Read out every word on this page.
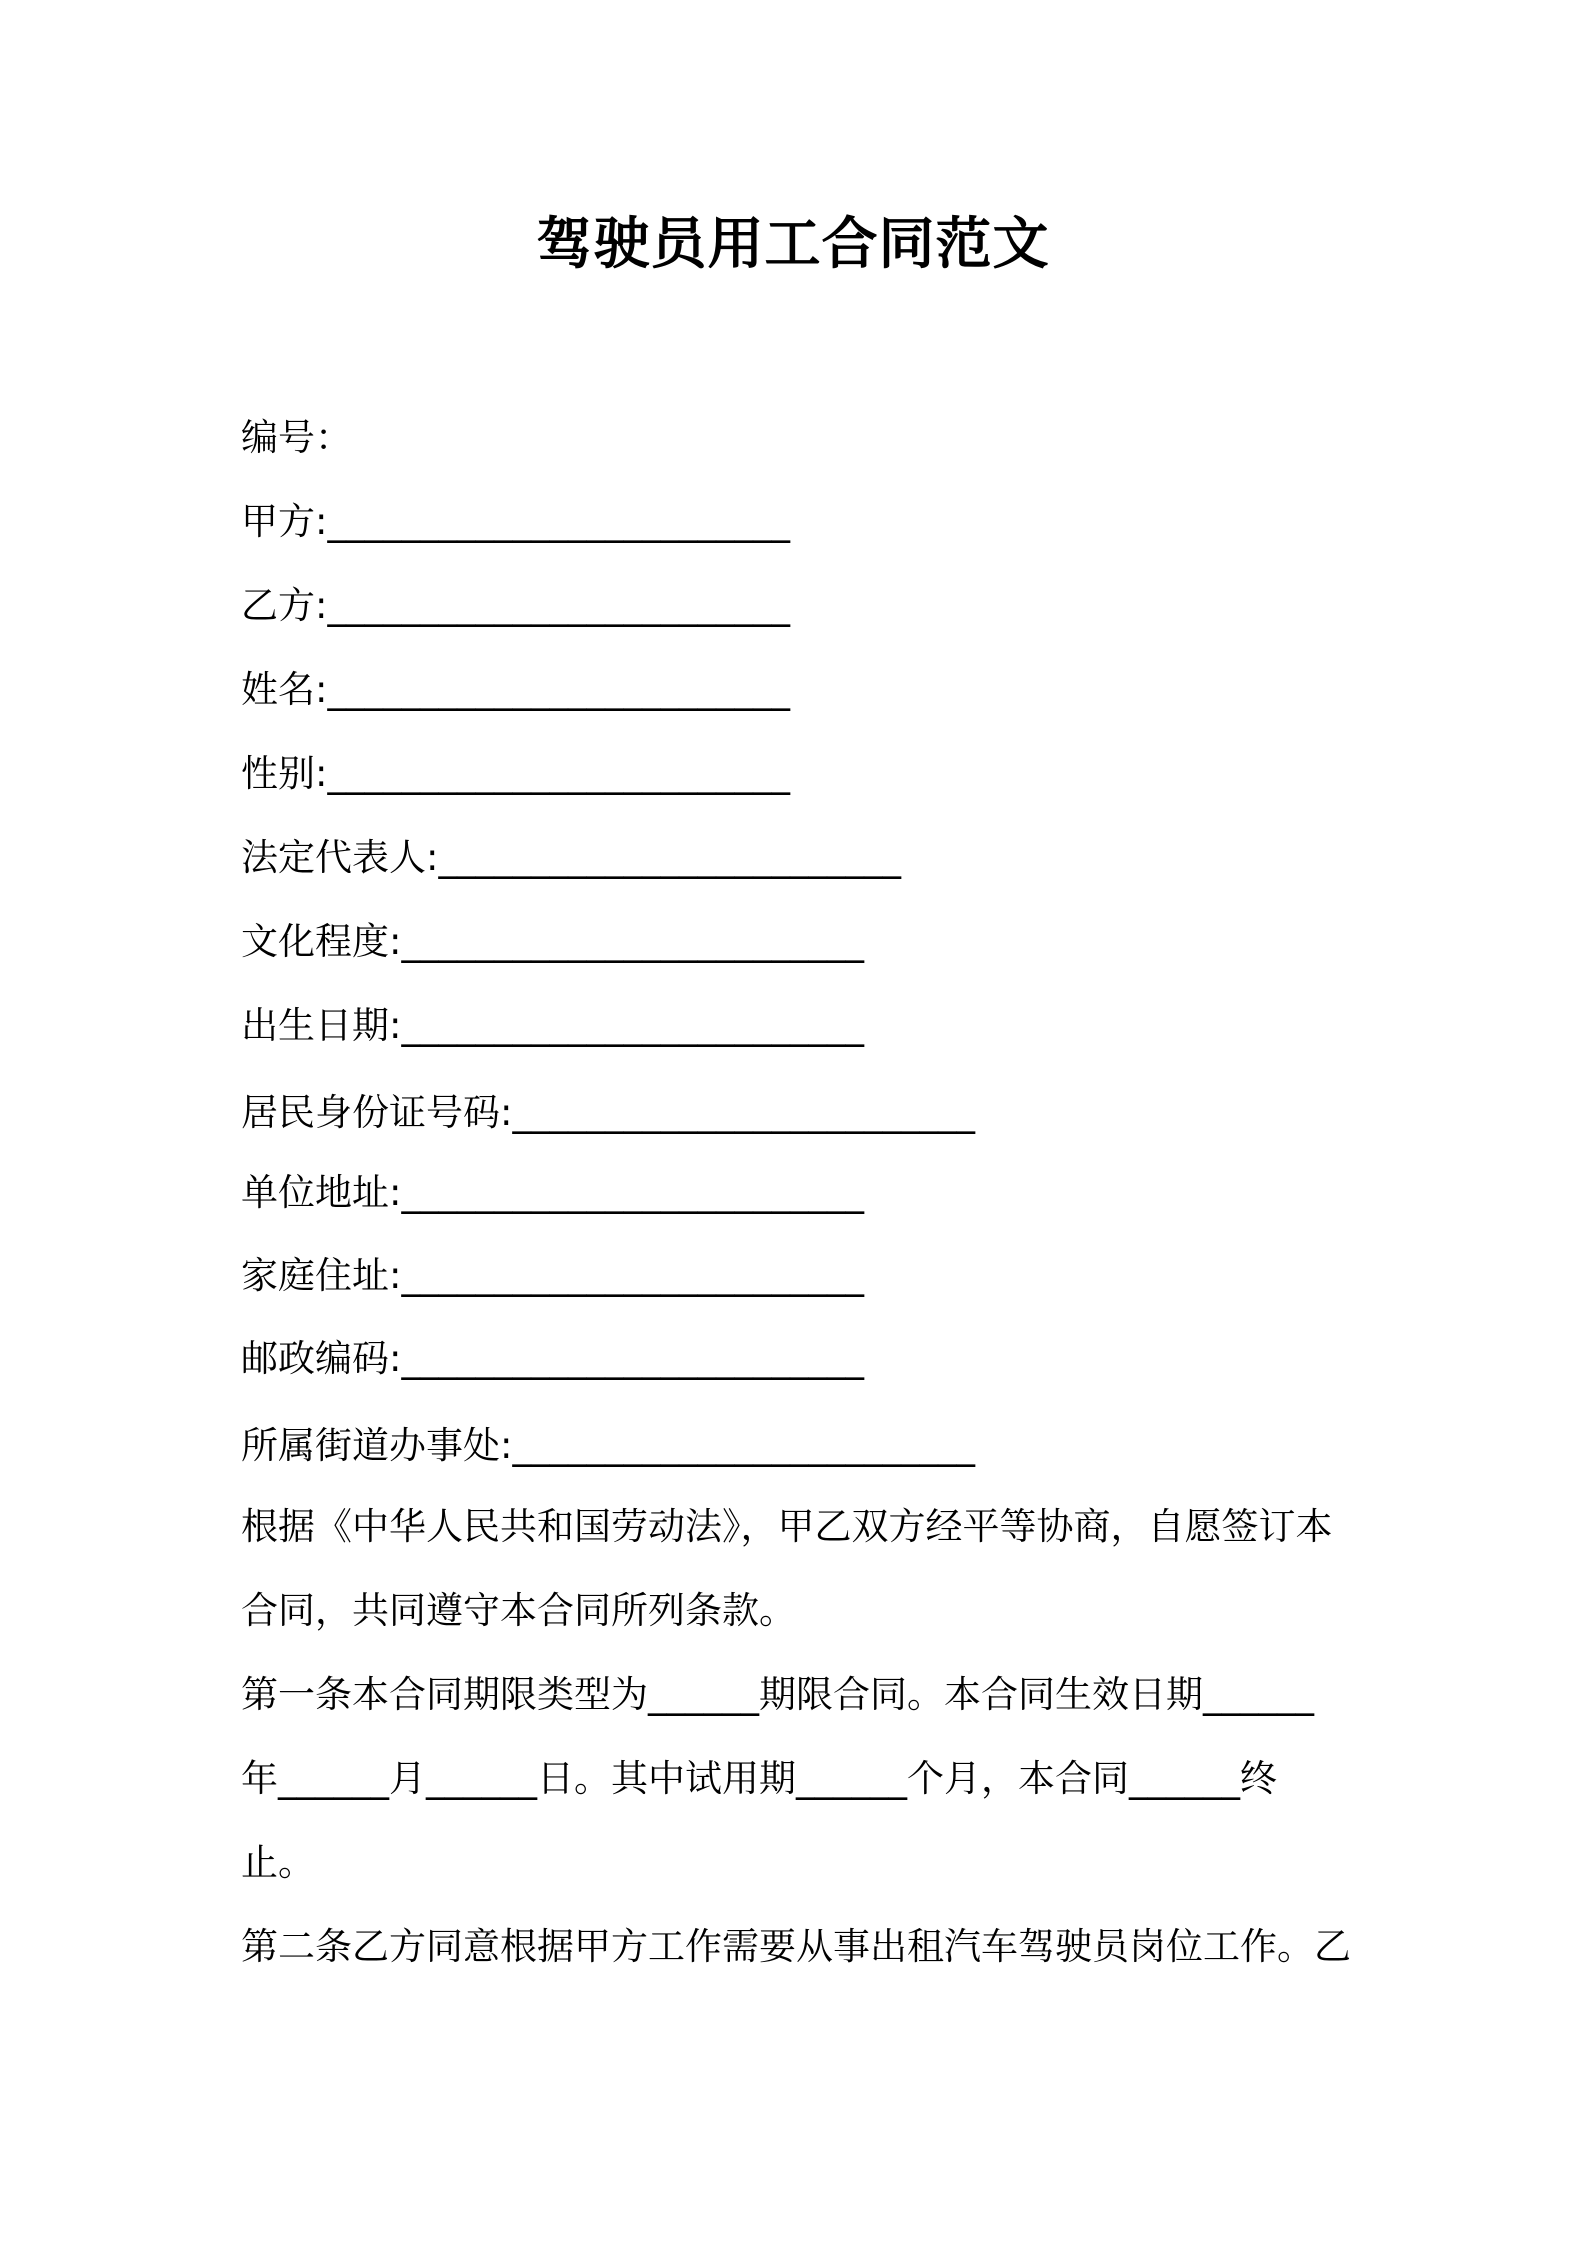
驾驶员用工合同范文
编号：
甲方:_________________________
乙方:_________________________
姓名:_________________________
性别:_________________________
法定代表人:_________________________
文化程度:_________________________
出生日期:_________________________
居民身份证号码:_________________________
单位地址:_________________________
家庭住址:_________________________
邮政编码:_________________________
所属街道办事处:_________________________
根据《中华人民共和国劳动法》，甲乙双方经平等协商，自愿签订本
合同，共同遵守本合同所列条款。
第一条本合同期限类型为______期限合同。本合同生效日期______
年______月______日。其中试用期______个月，本合同______终
止。
第二条乙方同意根据甲方工作需要从事出租汽车驾驶员岗位工作。乙
